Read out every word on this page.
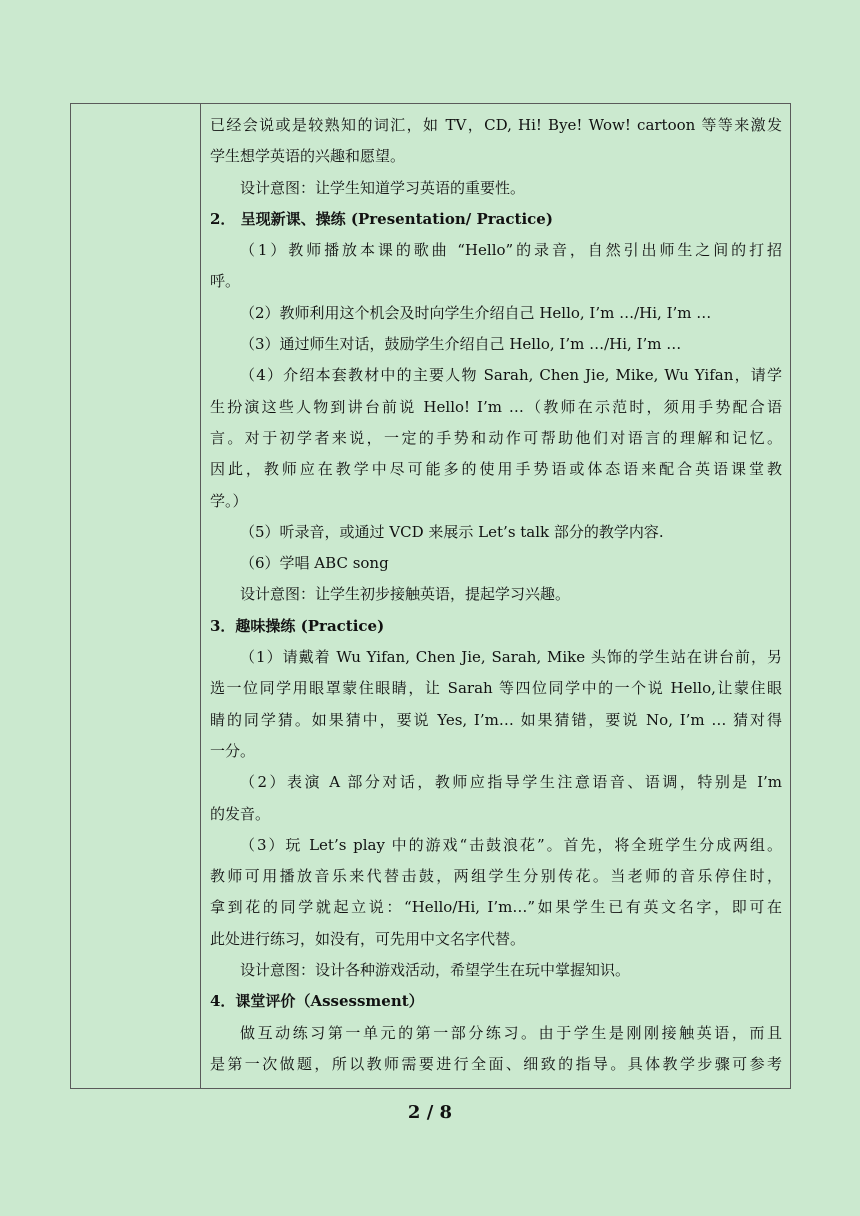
已经会说或是较熟知的词汇，如 TV，CD, Hi! Bye! Wow! cartoon 等等来激发
学生想学英语的兴趣和愿望。
设计意图：让学生知道学习英语的重要性。
2． 呈现新课、操练 (Presentation/ Practice)
（1）教师播放本课的歌曲 “Hello”的录音，自然引出师生之间的打招
呼。
（2）教师利用这个机会及时向学生介绍自己 Hello, I’m …/Hi, I’m …
（3）通过师生对话，鼓励学生介绍自己 Hello, I’m …/Hi, I’m …
（4）介绍本套教材中的主要人物 Sarah, Chen Jie, Mike, Wu Yifan，请学
生扮演这些人物到讲台前说 Hello! I’m …（教师在示范时，须用手势配合语
言。对于初学者来说，一定的手势和动作可帮助他们对语言的理解和记忆。
因此，教师应在教学中尽可能多的使用手势语或体态语来配合英语课堂教
学。）
（5）听录音，或通过 VCD 来展示 Let’s talk 部分的教学内容.
（6）学唱 ABC song
设计意图：让学生初步接触英语，提起学习兴趣。
3．趣味操练 (Practice)
（1）请戴着 Wu Yifan, Chen Jie, Sarah, Mike 头饰的学生站在讲台前，另
选一位同学用眼罩蒙住眼睛，让 Sarah 等四位同学中的一个说 Hello,让蒙住眼
睛的同学猜。如果猜中，要说 Yes, I’m… 如果猜错，要说 No, I’m … 猜对得
一分。
（2）表演 A 部分对话，教师应指导学生注意语音、语调，特别是 I’m
的发音。
（3）玩 Let’s play 中的游戏“击鼓浪花”。首先，将全班学生分成两组。
教师可用播放音乐来代替击鼓，两组学生分别传花。当老师的音乐停住时，
拿到花的同学就起立说：“Hello/Hi, I’m…”如果学生已有英文名字，即可在
此处进行练习，如没有，可先用中文名字代替。
设计意图：设计各种游戏活动，希望学生在玩中掌握知识。
4．课堂评价（Assessment）
做互动练习第一单元的第一部分练习。由于学生是刚刚接触英语，而且
是第一次做题，所以教师需要进行全面、细致的指导。具体教学步骤可参考
2 / 8
